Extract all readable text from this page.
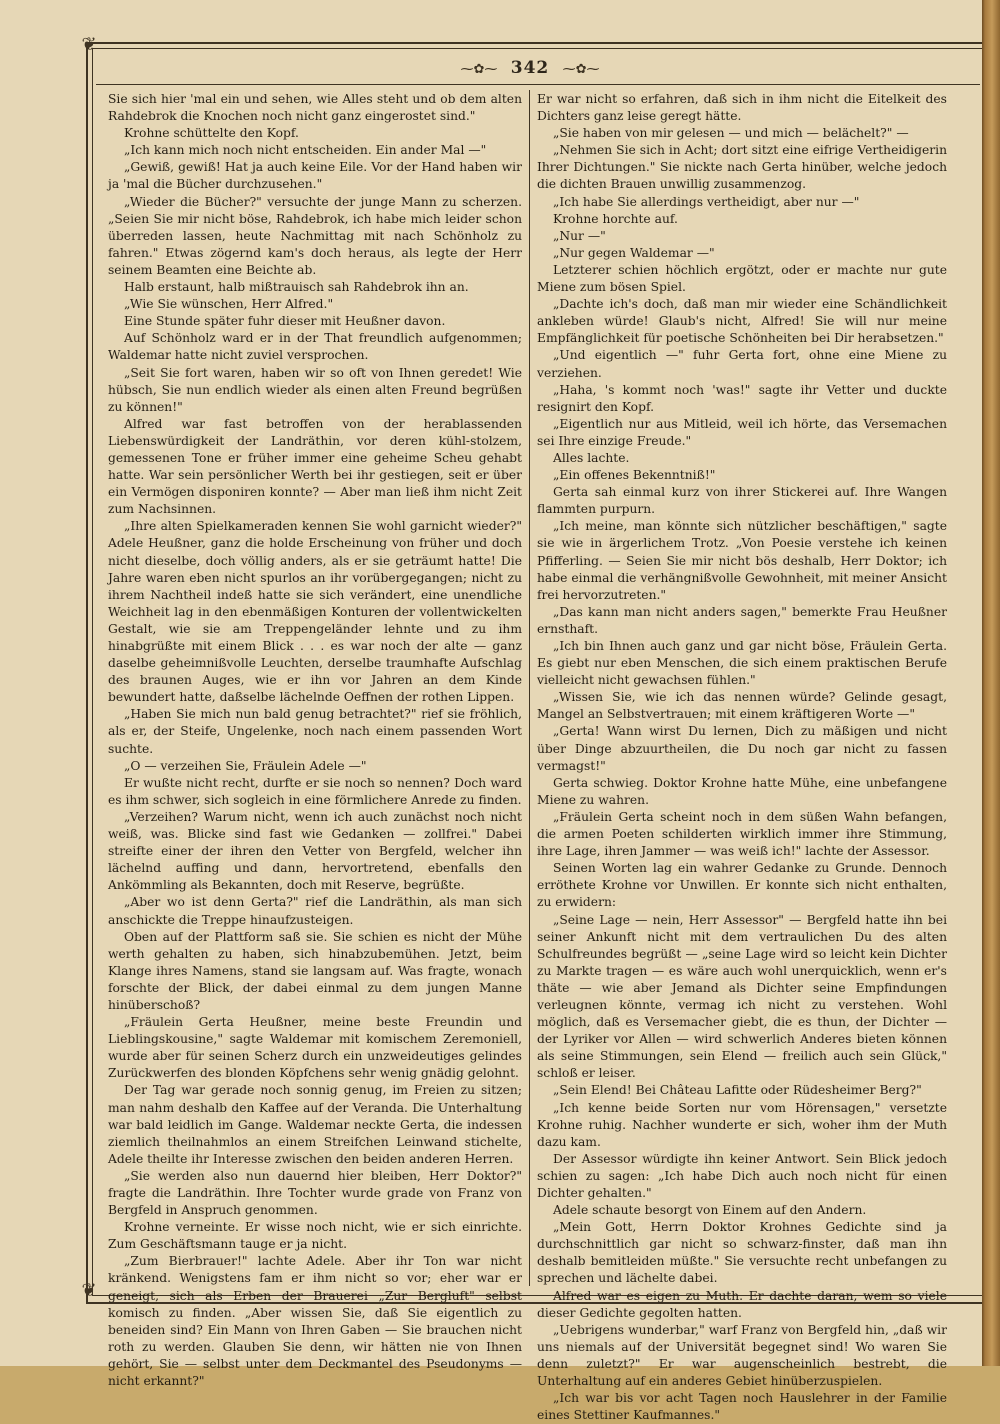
❦
❦
⁓✿⁓ 342 ⁓✿⁓

Sie sich hier 'mal ein und sehen, wie Alles steht und ob dem alten Rahdebrok die Knochen noch nicht ganz eingerostet sind."

Krohne schüttelte den Kopf.

„Ich kann mich noch nicht entscheiden. Ein ander Mal —"

„Gewiß, gewiß! Hat ja auch keine Eile. Vor der Hand haben wir ja 'mal die Bücher durchzusehen."

„Wieder die Bücher?" versuchte der junge Mann zu scherzen. „Seien Sie mir nicht böse, Rahdebrok, ich habe mich leider schon überreden lassen, heute Nachmittag mit nach Schönholz zu fahren." Etwas zögernd kam's doch heraus, als legte der Herr seinem Beamten eine Beichte ab.

Halb erstaunt, halb mißtrauisch sah Rahdebrok ihn an.

„Wie Sie wünschen, Herr Alfred."

Eine Stunde später fuhr dieser mit Heußner davon.

Auf Schönholz ward er in der That freundlich aufgenommen; Waldemar hatte nicht zuviel versprochen.

„Seit Sie fort waren, haben wir so oft von Ihnen geredet! Wie hübsch, Sie nun endlich wieder als einen alten Freund begrüßen zu können!"

Alfred war fast betroffen von der herablassenden Liebenswürdigkeit der Landräthin, vor deren kühl-stolzem, gemessenen Tone er früher immer eine geheime Scheu gehabt hatte. War sein persönlicher Werth bei ihr gestiegen, seit er über ein Vermögen disponiren konnte? — Aber man ließ ihm nicht Zeit zum Nachsinnen.

„Ihre alten Spielkameraden kennen Sie wohl garnicht wieder?" Adele Heußner, ganz die holde Erscheinung von früher und doch nicht dieselbe, doch völlig anders, als er sie geträumt hatte! Die Jahre waren eben nicht spurlos an ihr vorübergegangen; nicht zu ihrem Nachtheil indeß hatte sie sich verändert, eine unendliche Weichheit lag in den ebenmäßigen Konturen der vollentwickelten Gestalt, wie sie am Treppengeländer lehnte und zu ihm hinabgrüßte mit einem Blick . . . es war noch der alte — ganz daselbe geheimnißvolle Leuchten, derselbe traumhafte Aufschlag des braunen Auges, wie er ihn vor Jahren an dem Kinde bewundert hatte, daßselbe lächelnde Oeffnen der rothen Lippen.

„Haben Sie mich nun bald genug betrachtet?" rief sie fröhlich, als er, der Steife, Ungelenke, noch nach einem passenden Wort suchte.

„O — verzeihen Sie, Fräulein Adele —"

Er wußte nicht recht, durfte er sie noch so nennen? Doch ward es ihm schwer, sich sogleich in eine förmlichere Anrede zu finden.

„Verzeihen? Warum nicht, wenn ich auch zunächst noch nicht weiß, was. Blicke sind fast wie Gedanken — zollfrei." Dabei streifte einer der ihren den Vetter von Bergfeld, welcher ihn lächelnd auffing und dann, hervortretend, ebenfalls den Ankömmling als Bekannten, doch mit Reserve, begrüßte.

„Aber wo ist denn Gerta?" rief die Landräthin, als man sich anschickte die Treppe hinaufzusteigen.

Oben auf der Plattform saß sie. Sie schien es nicht der Mühe werth gehalten zu haben, sich hinabzubemühen. Jetzt, beim Klange ihres Namens, stand sie langsam auf. Was fragte, wonach forschte der Blick, der dabei einmal zu dem jungen Manne hinüberschoß?

„Fräulein Gerta Heußner, meine beste Freundin und Lieblingskousine," sagte Waldemar mit komischem Zeremoniell, wurde aber für seinen Scherz durch ein unzweideutiges gelindes Zurückwerfen des blonden Köpfchens sehr wenig gnädig gelohnt.

Der Tag war gerade noch sonnig genug, im Freien zu sitzen; man nahm deshalb den Kaffee auf der Veranda. Die Unterhaltung war bald leidlich im Gange. Waldemar neckte Gerta, die indessen ziemlich theilnahmlos an einem Streifchen Leinwand stichelte, Adele theilte ihr Interesse zwischen den beiden anderen Herren.

„Sie werden also nun dauernd hier bleiben, Herr Doktor?" fragte die Landräthin. Ihre Tochter wurde grade von Franz von Bergfeld in Anspruch genommen.

Krohne verneinte. Er wisse noch nicht, wie er sich einrichte. Zum Geschäftsmann tauge er ja nicht.

„Zum Bierbrauer!" lachte Adele. Aber ihr Ton war nicht kränkend. Wenigstens fam er ihm nicht so vor; eher war er geneigt, sich als Erben der Brauerei „Zur Bergluft" selbst komisch zu finden. „Aber wissen Sie, daß Sie eigentlich zu beneiden sind? Ein Mann von Ihren Gaben — Sie brauchen nicht roth zu werden. Glauben Sie denn, wir hätten nie von Ihnen gehört, Sie — selbst unter dem Deckmantel des Pseudonyms — nicht erkannt?"

Er war nicht so erfahren, daß sich in ihm nicht die Eitelkeit des Dichters ganz leise geregt hätte.

„Sie haben von mir gelesen — und mich — belächelt?" —

„Nehmen Sie sich in Acht; dort sitzt eine eifrige Vertheidigerin Ihrer Dichtungen." Sie nickte nach Gerta hinüber, welche jedoch die dichten Brauen unwillig zusammenzog.

„Ich habe Sie allerdings vertheidigt, aber nur —"

Krohne horchte auf.

„Nur —"

„Nur gegen Waldemar —"

Letzterer schien höchlich ergötzt, oder er machte nur gute Miene zum bösen Spiel.

„Dachte ich's doch, daß man mir wieder eine Schändlichkeit ankleben würde! Glaub's nicht, Alfred! Sie will nur meine Empfänglichkeit für poetische Schönheiten bei Dir herabsetzen."

„Und eigentlich —" fuhr Gerta fort, ohne eine Miene zu verziehen.

„Haha, 's kommt noch 'was!" sagte ihr Vetter und duckte resignirt den Kopf.

„Eigentlich nur aus Mitleid, weil ich hörte, das Versemachen sei Ihre einzige Freude."

Alles lachte.

„Ein offenes Bekenntniß!"

Gerta sah einmal kurz von ihrer Stickerei auf. Ihre Wangen flammten purpurn.

„Ich meine, man könnte sich nützlicher beschäftigen," sagte sie wie in ärgerlichem Trotz. „Von Poesie verstehe ich keinen Pfifferling. — Seien Sie mir nicht bös deshalb, Herr Doktor; ich habe einmal die verhängnißvolle Gewohnheit, mit meiner Ansicht frei hervorzutreten."

„Das kann man nicht anders sagen," bemerkte Frau Heußner ernsthaft.

„Ich bin Ihnen auch ganz und gar nicht böse, Fräulein Gerta. Es giebt nur eben Menschen, die sich einem praktischen Berufe vielleicht nicht gewachsen fühlen."

„Wissen Sie, wie ich das nennen würde? Gelinde gesagt, Mangel an Selbstvertrauen; mit einem kräftigeren Worte —"

„Gerta! Wann wirst Du lernen, Dich zu mäßigen und nicht über Dinge abzuurtheilen, die Du noch gar nicht zu fassen vermagst!"

Gerta schwieg. Doktor Krohne hatte Mühe, eine unbefangene Miene zu wahren.

„Fräulein Gerta scheint noch in dem süßen Wahn befangen, die armen Poeten schilderten wirklich immer ihre Stimmung, ihre Lage, ihren Jammer — was weiß ich!" lachte der Assessor.

Seinen Worten lag ein wahrer Gedanke zu Grunde. Dennoch erröthete Krohne vor Unwillen. Er konnte sich nicht enthalten, zu erwidern:

„Seine Lage — nein, Herr Assessor" — Bergfeld hatte ihn bei seiner Ankunft nicht mit dem vertraulichen Du des alten Schulfreundes begrüßt — „seine Lage wird so leicht kein Dichter zu Markte tragen — es wäre auch wohl unerquicklich, wenn er's thäte — wie aber Jemand als Dichter seine Empfindungen verleugnen könnte, vermag ich nicht zu verstehen. Wohl möglich, daß es Versemacher giebt, die es thun, der Dichter — der Lyriker vor Allen — wird schwerlich Anderes bieten können als seine Stimmungen, sein Elend — freilich auch sein Glück," schloß er leiser.

„Sein Elend! Bei Château Lafitte oder Rüdesheimer Berg?"

„Ich kenne beide Sorten nur vom Hörensagen," versetzte Krohne ruhig. Nachher wunderte er sich, woher ihm der Muth dazu kam.

Der Assessor würdigte ihn keiner Antwort. Sein Blick jedoch schien zu sagen: „Ich habe Dich auch noch nicht für einen Dichter gehalten."

Adele schaute besorgt von Einem auf den Andern.

„Mein Gott, Herrn Doktor Krohnes Gedichte sind ja durchschnittlich gar nicht so schwarz-finster, daß man ihn deshalb bemitleiden müßte." Sie versuchte recht unbefangen zu sprechen und lächelte dabei.

Alfred war es eigen zu Muth. Er dachte daran, wem so viele dieser Gedichte gegolten hatten.

„Uebrigens wunderbar," warf Franz von Bergfeld hin, „daß wir uns niemals auf der Universität begegnet sind! Wo waren Sie denn zuletzt?" Er war augenscheinlich bestrebt, die Unterhaltung auf ein anderes Gebiet hinüberzuspielen.

„Ich war bis vor acht Tagen noch Hauslehrer in der Familie eines Stettiner Kaufmannes."
